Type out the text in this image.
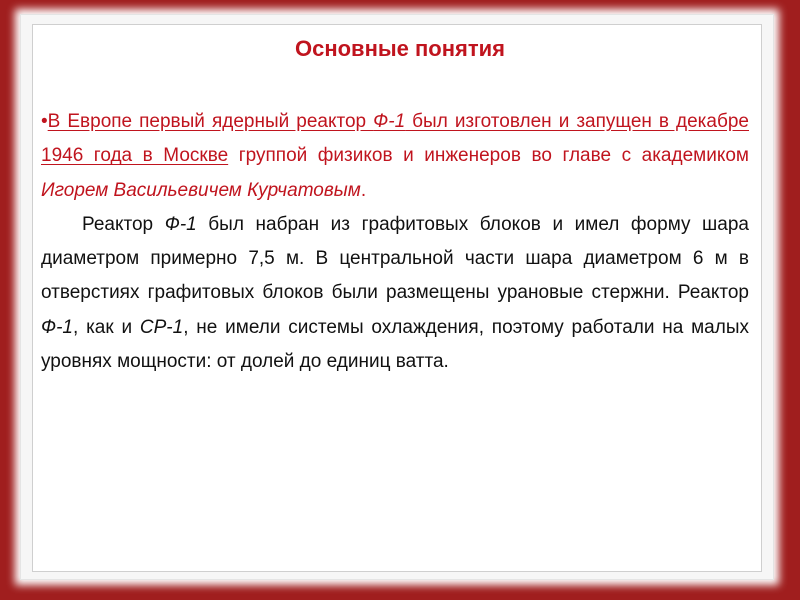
Основные понятия

•В Европе первый ядерный реактор Ф-1 был изготовлен и запущен в декабре 1946 года в Москве группой физиков и инженеров во главе с академиком Игорем Васильевичем Курчатовым.

Реактор Ф-1 был набран из графитовых блоков и имел форму шара диаметром примерно 7,5 м. В центральной части шара диаметром 6 м в отверстиях графитовых блоков были размещены урановые стержни. Реактор Ф-1, как и СР-1, не имели системы охлаждения, поэтому работали на малых уровнях мощности: от долей до единиц ватта.
